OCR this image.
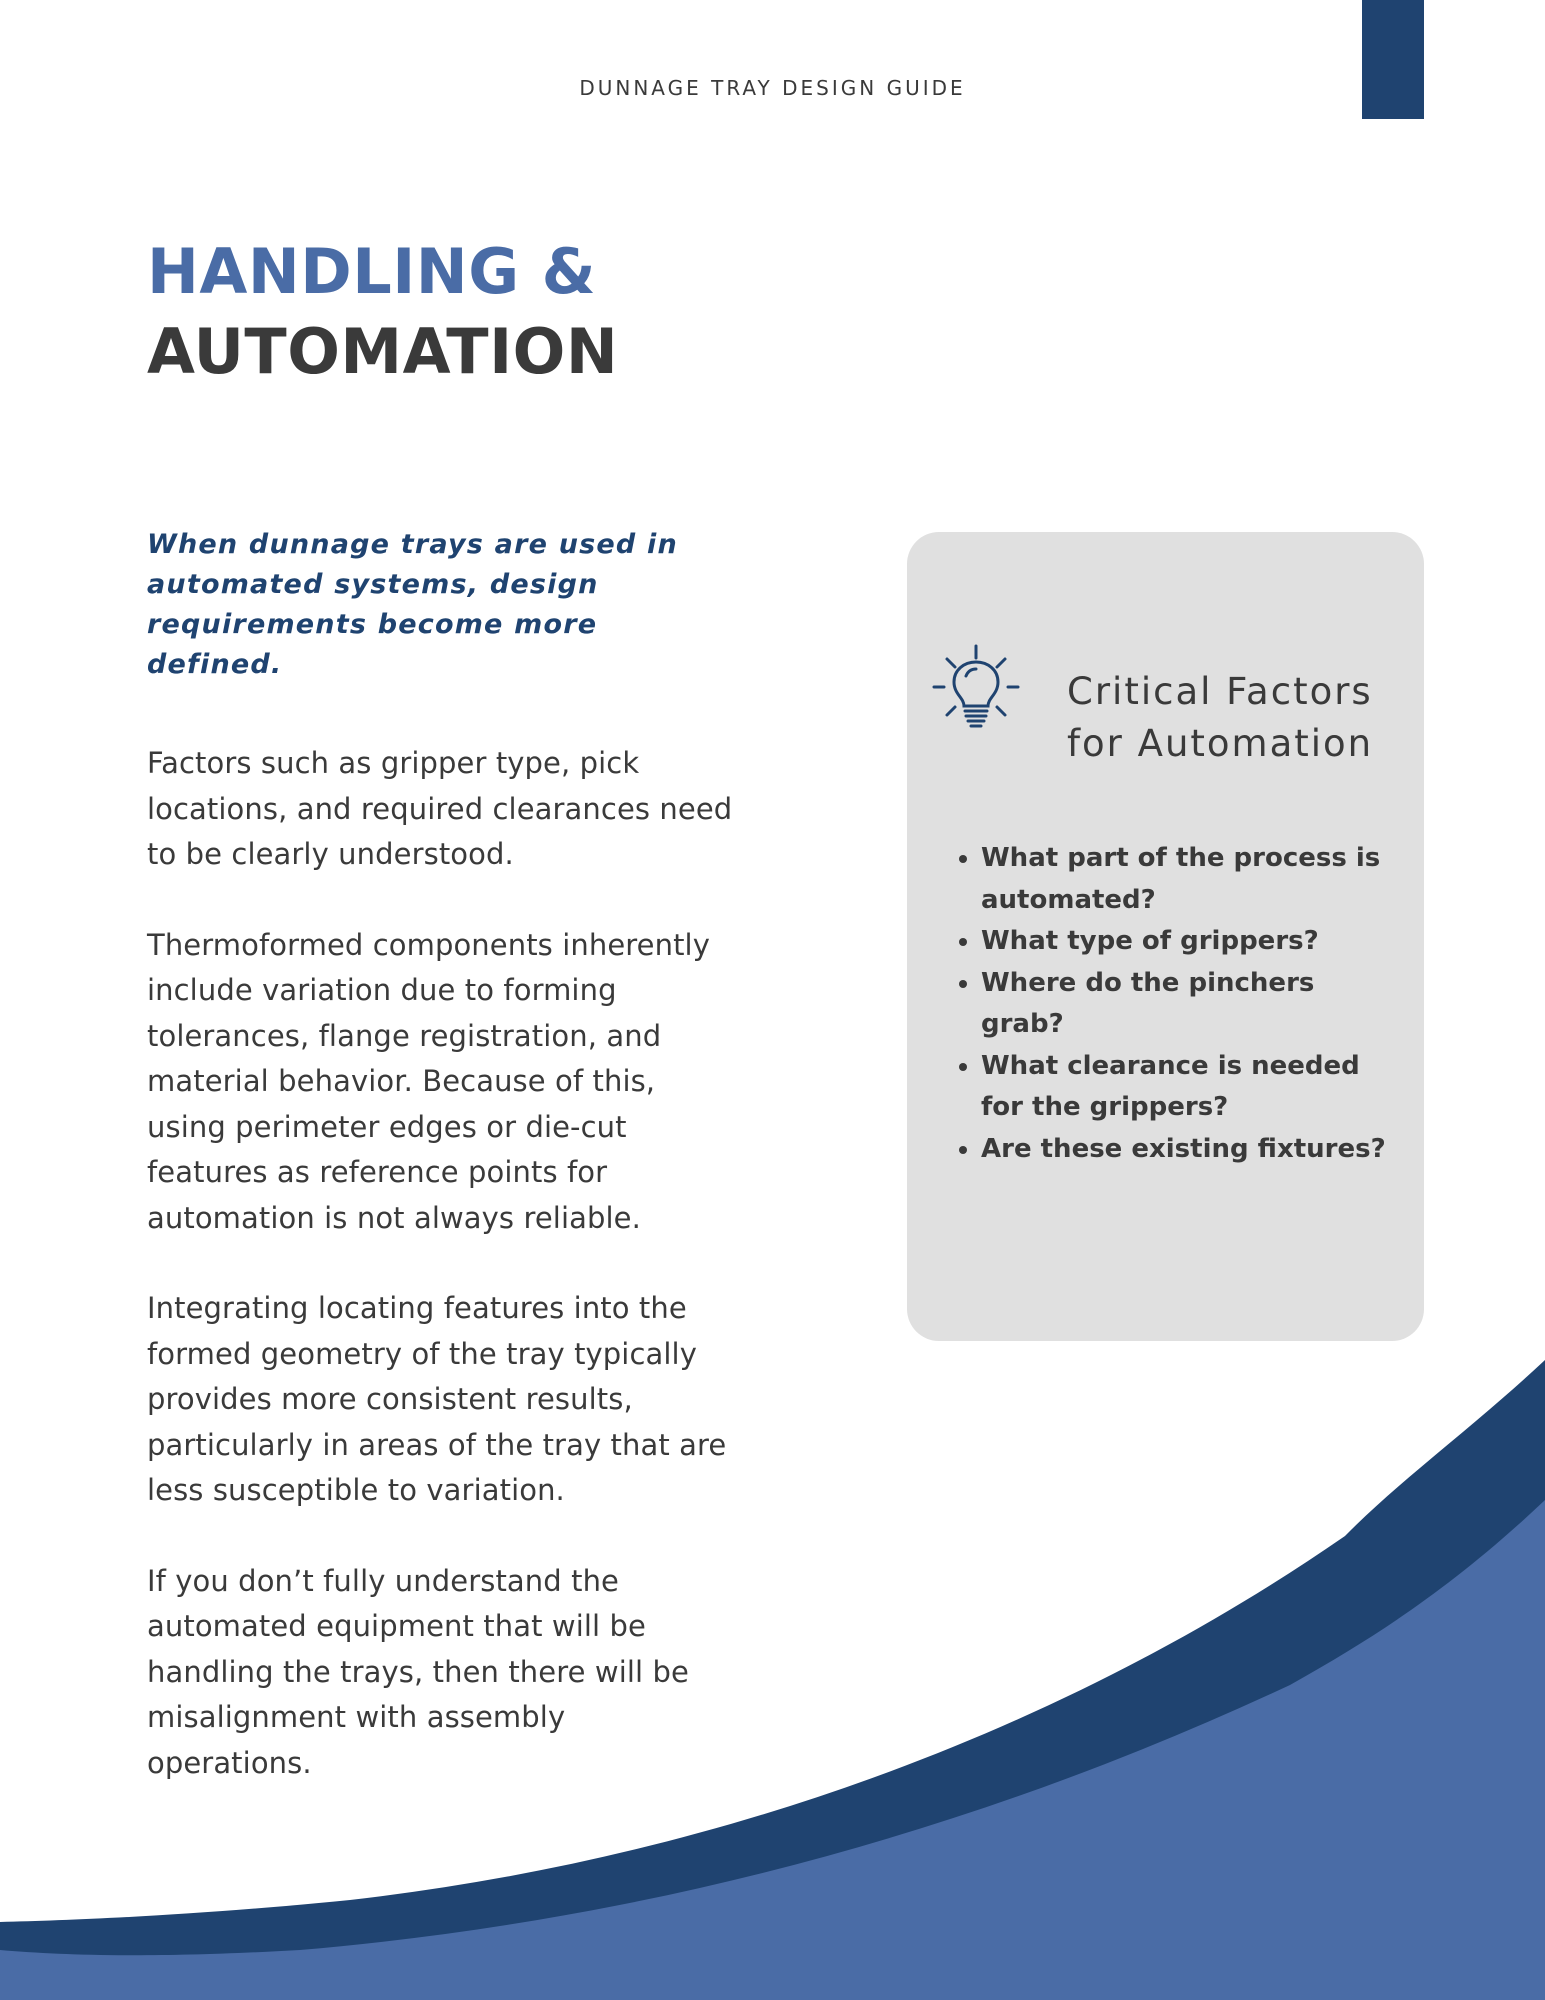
DUNNAGE TRAY DESIGN GUIDE
HANDLING &
AUTOMATION

When dunnage trays are used in automated systems, design requirements become more defined.

Factors such as gripper type, pick locations, and required clearances need to be clearly understood.

Thermoformed components inherently include variation due to forming tolerances, flange registration, and material behavior. Because of this, using perimeter edges or die-cut features as reference points for automation is not always reliable.

Integrating locating features into the formed geometry of the tray typically provides more consistent results, particularly in areas of the tray that are less susceptible to variation.

If you don’t fully understand the automated equipment that will be handling the trays, then there will be misalignment with assembly operations.

Critical Factors
for Automation
• What part of the process is automated?
• What type of grippers?
• Where do the pinchers grab?
• What clearance is needed for the grippers?
• Are these existing fixtures?
